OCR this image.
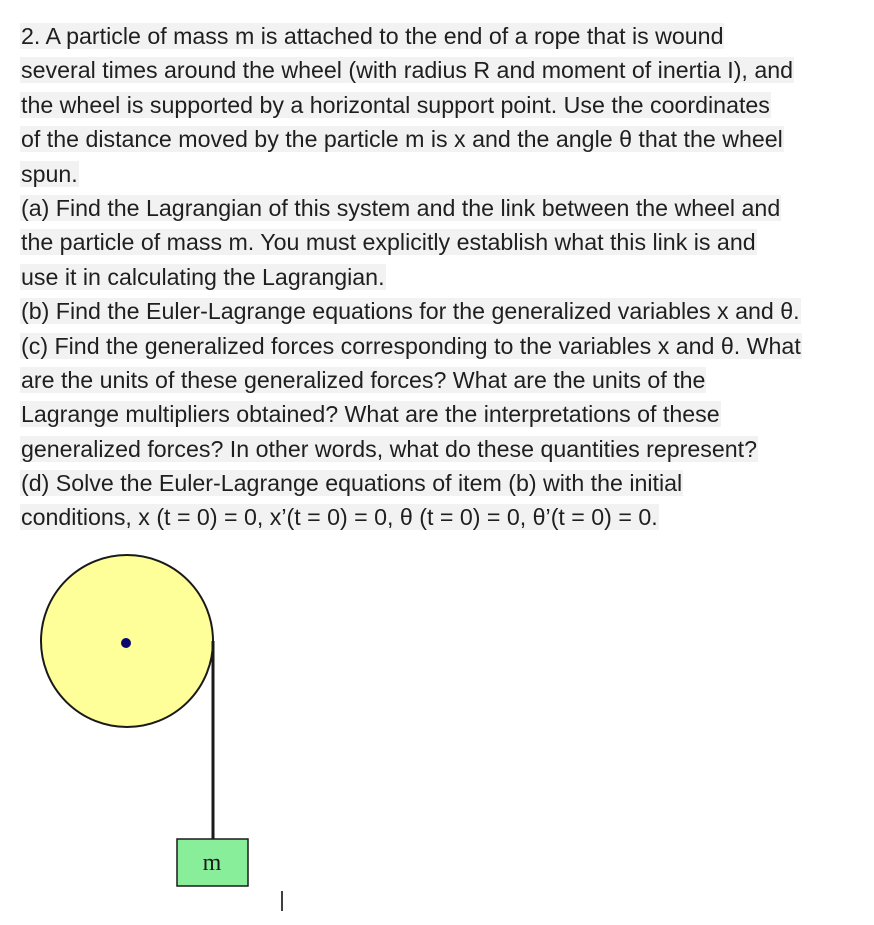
2. A particle of mass m is attached to the end of a rope that is wound
several times around the wheel (with radius R and moment of inertia I), and
the wheel is supported by a horizontal support point. Use the coordinates
of the distance moved by the particle m is x and the angle θ that the wheel
spun.
(a) Find the Lagrangian of this system and the link between the wheel and
the particle of mass m. You must explicitly establish what this link is and
use it in calculating the Lagrangian.
(b) Find the Euler-Lagrange equations for the generalized variables x and θ.
(c) Find the generalized forces corresponding to the variables x and θ. What
are the units of these generalized forces? What are the units of the
Lagrange multipliers obtained? What are the interpretations of these
generalized forces? In other words, what do these quantities represent?
(d) Solve the Euler-Lagrange equations of item (b) with the initial
conditions, x (t = 0) = 0, x’(t = 0) = 0, θ (t = 0) = 0, θ’(t = 0) = 0.
m
